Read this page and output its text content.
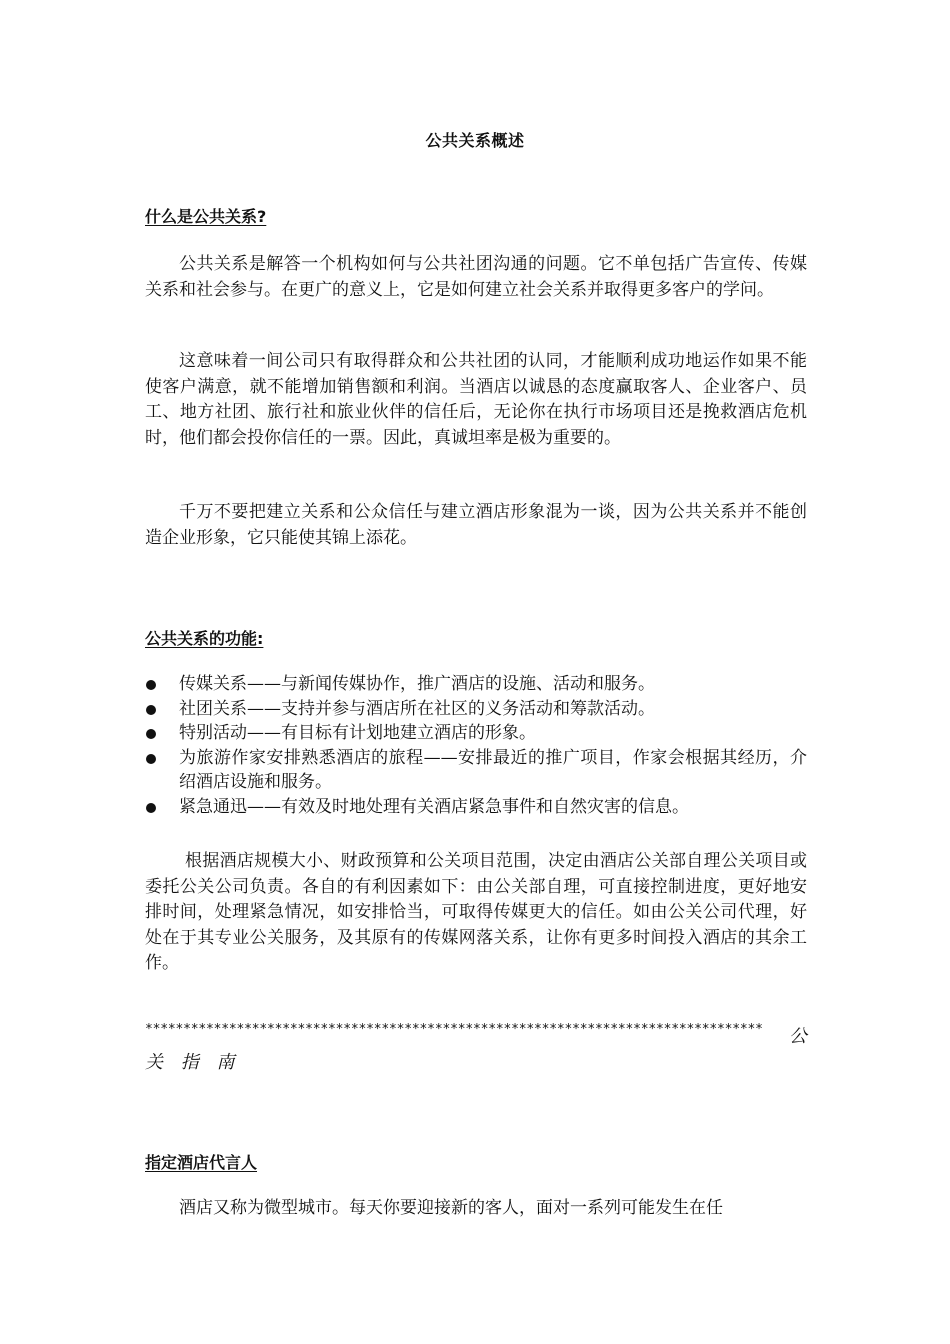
公共关系概述
什么是公共关系?

公共关系是解答一个机构如何与公共社团沟通的问题。它不单包括广告宣传、传媒关系和社会参与。在更广的意义上，它是如何建立社会关系并取得更多客户的学问。

这意味着一间公司只有取得群众和公共社团的认同，才能顺利成功地运作如果不能使客户满意，就不能增加销售额和利润。当酒店以诚恳的态度赢取客人、企业客户、员工、地方社团、旅行社和旅业伙伴的信任后，无论你在执行市场项目还是挽救酒店危机时，他们都会投你信任的一票。因此，真诚坦率是极为重要的。

千万不要把建立关系和公众信任与建立酒店形象混为一谈，因为公共关系并不能创造企业形象，它只能使其锦上添花。

公共关系的功能:
传媒关系——与新闻传媒协作，推广酒店的设施、活动和服务。
社团关系——支持并参与酒店所在社区的义务活动和筹款活动。
特别活动——有目标有计划地建立酒店的形象。
为旅游作家安排熟悉酒店的旅程——安排最近的推广项目，作家会根据其经历，介绍酒店设施和服务。
紧急通迅——有效及时地处理有关酒店紧急事件和自然灾害的信息。

根据酒店规模大小、财政预算和公关项目范围，决定由酒店公关部自理公关项目或委托公关公司负责。各自的有利因素如下：由公关部自理，可直接控制进度，更好地安排时间，处理紧急情况，如安排恰当，可取得传媒更大的信任。如由公关公司代理，好处在于其专业公关服务，及其原有的传媒网落关系，让你有更多时间投入酒店的其余工作。

********************************************************************************* 公
关 指 南
指定酒店代言人

酒店又称为微型城市。每天你要迎接新的客人，面对一系列可能发生在任
